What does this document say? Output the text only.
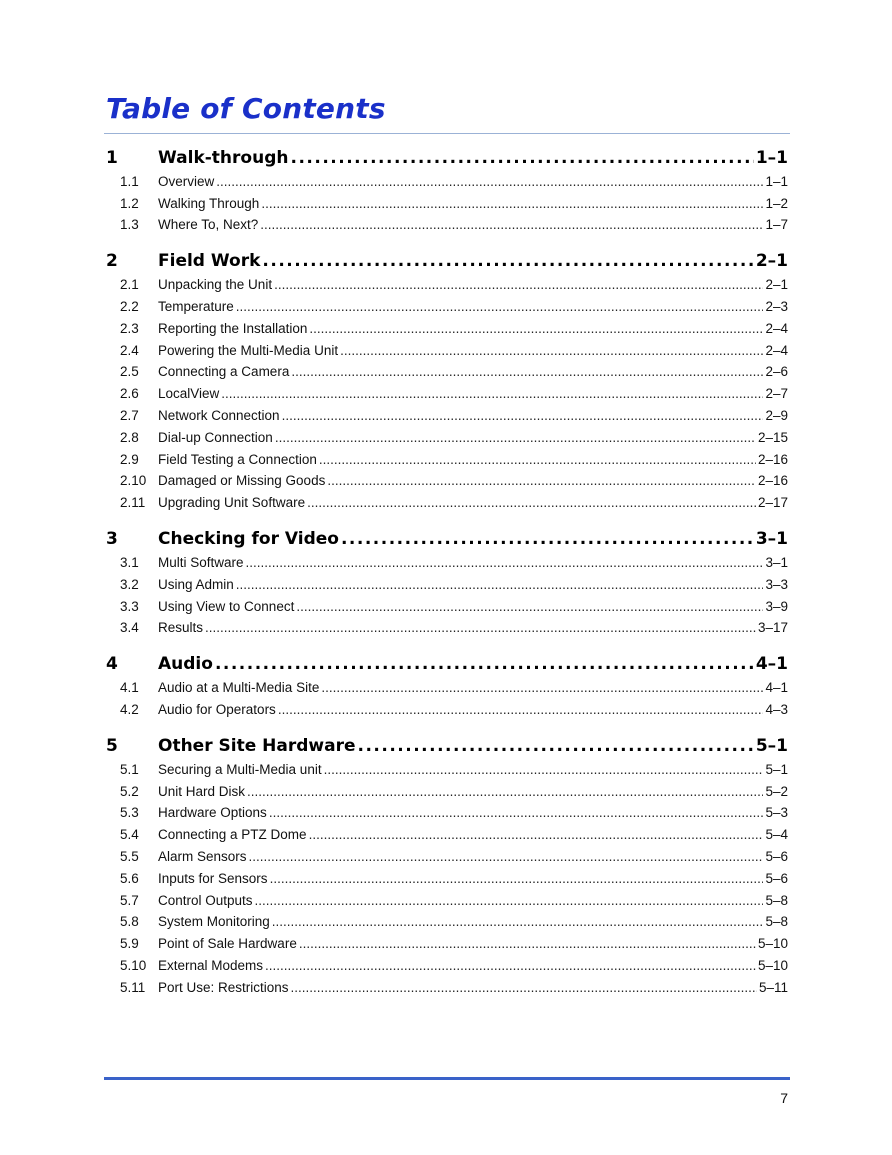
Table of Contents
1	Walk-through .....	1–1
1.1	Overview .....	1–1
1.2	Walking Through .....	1–2
1.3	Where To, Next? .....	1–7
2	Field Work .....	2–1
2.1	Unpacking the Unit .....	2–1
2.2	Temperature .....	2–3
2.3	Reporting the Installation .....	2–4
2.4	Powering the Multi-Media Unit .....	2–4
2.5	Connecting a Camera .....	2–6
2.6	LocalView .....	2–7
2.7	Network Connection .....	2–9
2.8	Dial-up Connection .....	2–15
2.9	Field Testing a Connection .....	2–16
2.10 Damaged or Missing Goods .....	2–16
2.11 Upgrading Unit Software .....	2–17
3	Checking for Video .....	3–1
3.1	Multi Software .....	3–1
3.2	Using Admin .....	3–3
3.3	Using View to Connect .....	3–9
3.4	Results .....	3–17
4	Audio .....	4–1
4.1	Audio at a Multi-Media Site .....	4–1
4.2	Audio for Operators .....	4–3
5	Other Site Hardware .....	5–1
5.1	Securing a Multi-Media unit .....	5–1
5.2	Unit Hard Disk .....	5–2
5.3	Hardware Options .....	5–3
5.4	Connecting a PTZ Dome .....	5–4
5.5	Alarm Sensors .....	5–6
5.6	Inputs for Sensors .....	5–6
5.7	Control Outputs .....	5–8
5.8	System Monitoring .....	5–8
5.9	Point of Sale Hardware .....	5–10
5.10 External Modems .....	5–10
5.11 Port Use: Restrictions .....	5–11
7
